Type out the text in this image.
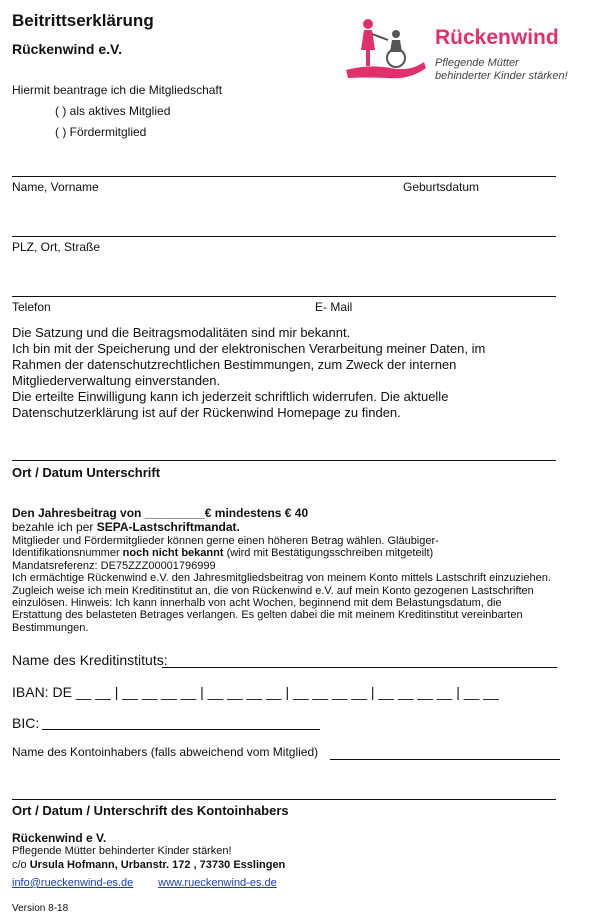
Beitrittserklärung
Rückenwind e.V.	Rückenwind
Pflegende Mütter
behinderter Kinder stärken!
Hiermit beantrage ich die Mitgliedschaft
( ) als aktives Mitglied
( ) Fördermitglied
Name, Vorname	Geburtsdatum
PLZ, Ort, Straße
Telefon	E- Mail
Die Satzung und die Beitragsmodalitäten sind mir bekannt.
Ich bin mit der Speicherung und der elektronischen Verarbeitung meiner Daten, im
Rahmen der datenschutzrechtlichen Bestimmungen, zum Zweck der internen
Mitgliederverwaltung einverstanden.
Die erteilte Einwilligung kann ich jederzeit schriftlich widerrufen. Die aktuelle
Datenschutzerklärung ist auf der Rückenwind Homepage zu finden.
Ort / Datum Unterschrift
Den Jahresbeitrag von _________€ mindestens € 40
bezahle ich per SEPA-Lastschriftmandat.
Mitglieder und Fördermitglieder können gerne einen höheren Betrag wählen. Gläubiger-
Identifikationsnummer noch nicht bekannt (wird mit Bestätigungsschreiben mitgeteilt)
Mandatsreferenz: DE75ZZZ00001796999
Ich ermächtige Rückenwind e.V. den Jahresmitgliedsbeitrag von meinem Konto mittels Lastschrift einzuziehen.
Zugleich weise ich mein Kreditinstitut an, die von Rückenwind e.V. auf mein Konto gezogenen Lastschriften
einzulösen. Hinweis: Ich kann innerhalb von acht Wochen, beginnend mit dem Belastungsdatum, die
Erstattung des belasteten Betrages verlangen. Es gelten dabei die mit meinem Kreditinstitut vereinbarten
Bestimmungen.
Name des Kreditinstituts:
IBAN: DE __ __ | __ __ __ __ | __ __ __ __ | __ __ __ __ | __ __ __ __ | __ __
BIC:
Name des Kontoinhabers (falls abweichend vom Mitglied)
Ort / Datum / Unterschrift des Kontoinhabers
Rückenwind e V.
Pflegende Mütter behinderter Kinder stärken!
c/o Ursula Hofmann, Urbanstr. 172 , 73730 Esslingen
info@rueckenwind-es.de www.rueckenwind-es.de
Version 8-18
